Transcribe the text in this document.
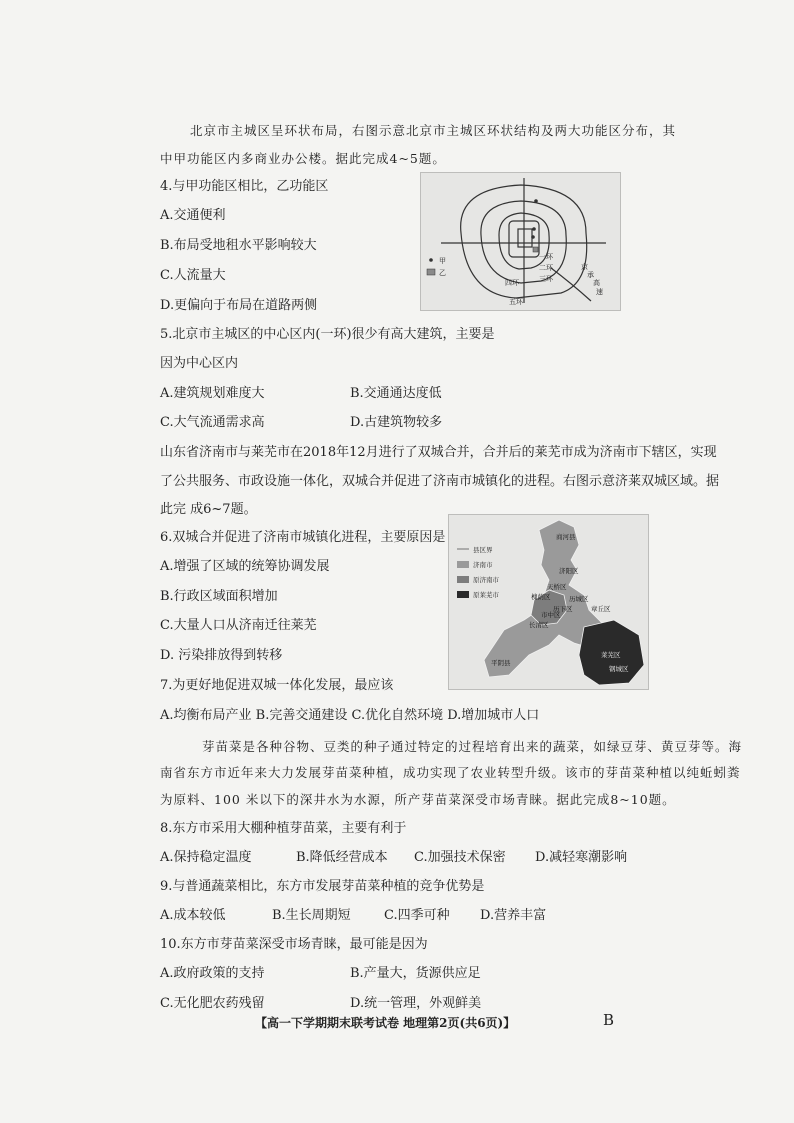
北京市主城区呈环状布局，右图示意北京市主城区环状结构及两大功能区分布，其
中甲功能区内多商业办公楼。据此完成4~5题。
4.与甲功能区相比，乙功能区
A.交通便利
B.布局受地租水平影响较大
C.人流量大
D.更偏向于布局在道路两侧
甲
乙
一环
二环
三环
四环
五环
京
承
高
速
5.北京市主城区的中心区内(一环)很少有高大建筑，主要是
因为中心区内
A.建筑规划难度大	B.交通通达度低
C.大气流通需求高	D.古建筑物较多
山东省济南市与莱芜市在2018年12月进行了双城合并，合并后的莱芜市成为济南市下辖区，实现
了公共服务、市政设施一体化，双城合并促进了济南市城镇化的进程。右图示意济莱双城区域。据
此完 成6~7题。
6.双城合并促进了济南市城镇化进程，主要原因是
A.增强了区域的统筹协调发展
B.行政区域面积增加
C.大量人口从济南迁往莱芜
D. 污染排放得到转移
县区界
济南市
原济南市
原莱芜市
商河县
济阳区
天桥区
历城区
槐荫区
章丘区
长清区
历下区
市中区
平阴县
莱芜区
钢城区
7.为更好地促进双城一体化发展，最应该
A.均衡布局产业 B.完善交通建设 C.优化自然环境 D.增加城市人口
芽苗菜是各种谷物、豆类的种子通过特定的过程培育出来的蔬菜，如绿豆芽、黄豆芽等。海
南省东方市近年来大力发展芽苗菜种植，成功实现了农业转型升级。该市的芽苗菜种植以纯蚯蚓粪
为原料、100 米以下的深井水为水源，所产芽苗菜深受市场青睐。据此完成8~10题。
8.东方市采用大棚种植芽苗菜，主要有利于
A.保持稳定温度	B.降低经营成本 C.加强技术保密 D.减轻寒潮影响
9.与普通蔬菜相比，东方市发展芽苗菜种植的竞争优势是
A.成本较低	B.生长周期短	C.四季可种 D.营养丰富
10.东方市芽苗菜深受市场青睐，最可能是因为
A.政府政策的支持	B.产量大，货源供应足
C.无化肥农药残留	D.统一管理，外观鲜美
【高一下学期期末联考试卷 地理第2页(共6页)】	B
